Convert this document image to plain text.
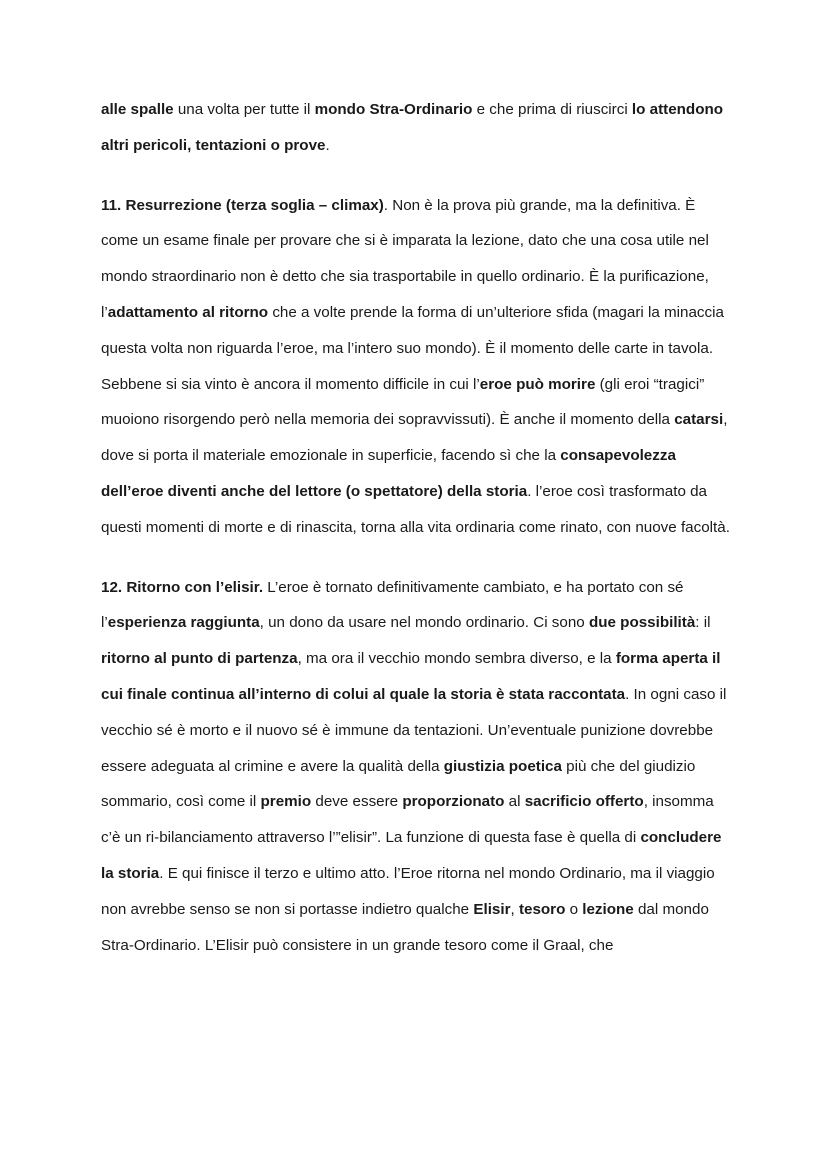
alle spalle una volta per tutte il mondo Stra-Ordinario e che prima di riuscirci lo attendono altri pericoli, tentazioni o prove.

11. Resurrezione (terza soglia – climax). Non è la prova più grande, ma la definitiva. È come un esame finale per provare che si è imparata la lezione, dato che una cosa utile nel mondo straordinario non è detto che sia trasportabile in quello ordinario. È la purificazione, l’adattamento al ritorno che a volte prende la forma di un’ulteriore sfida (magari la minaccia questa volta non riguarda l’eroe, ma l’intero suo mondo). È il momento delle carte in tavola. Sebbene si sia vinto è ancora il momento difficile in cui l’eroe può morire (gli eroi “tragici” muoiono risorgendo però nella memoria dei sopravvissuti). È anche il momento della catarsi, dove si porta il materiale emozionale in superficie, facendo sì che la consapevolezza dell’eroe diventi anche del lettore (o spettatore) della storia. l’eroe così trasformato da questi momenti di morte e di rinascita, torna alla vita ordinaria come rinato, con nuove facoltà.

12. Ritorno con l’elisir. L’eroe è tornato definitivamente cambiato, e ha portato con sé l’esperienza raggiunta, un dono da usare nel mondo ordinario. Ci sono due possibilità: il ritorno al punto di partenza, ma ora il vecchio mondo sembra diverso, e la forma aperta il cui finale continua all’interno di colui al quale la storia è stata raccontata. In ogni caso il vecchio sé è morto e il nuovo sé è immune da tentazioni. Un’eventuale punizione dovrebbe essere adeguata al crimine e avere la qualità della giustizia poetica più che del giudizio sommario, così come il premio deve essere proporzionato al sacrificio offerto, insomma c’è un ri-bilanciamento attraverso l’”elisir”. La funzione di questa fase è quella di concludere la storia. E qui finisce il terzo e ultimo atto. l’Eroe ritorna nel mondo Ordinario, ma il viaggio non avrebbe senso se non si portasse indietro qualche Elisir, tesoro o lezione dal mondo Stra-Ordinario. L’Elisir può consistere in un grande tesoro come il Graal, che
